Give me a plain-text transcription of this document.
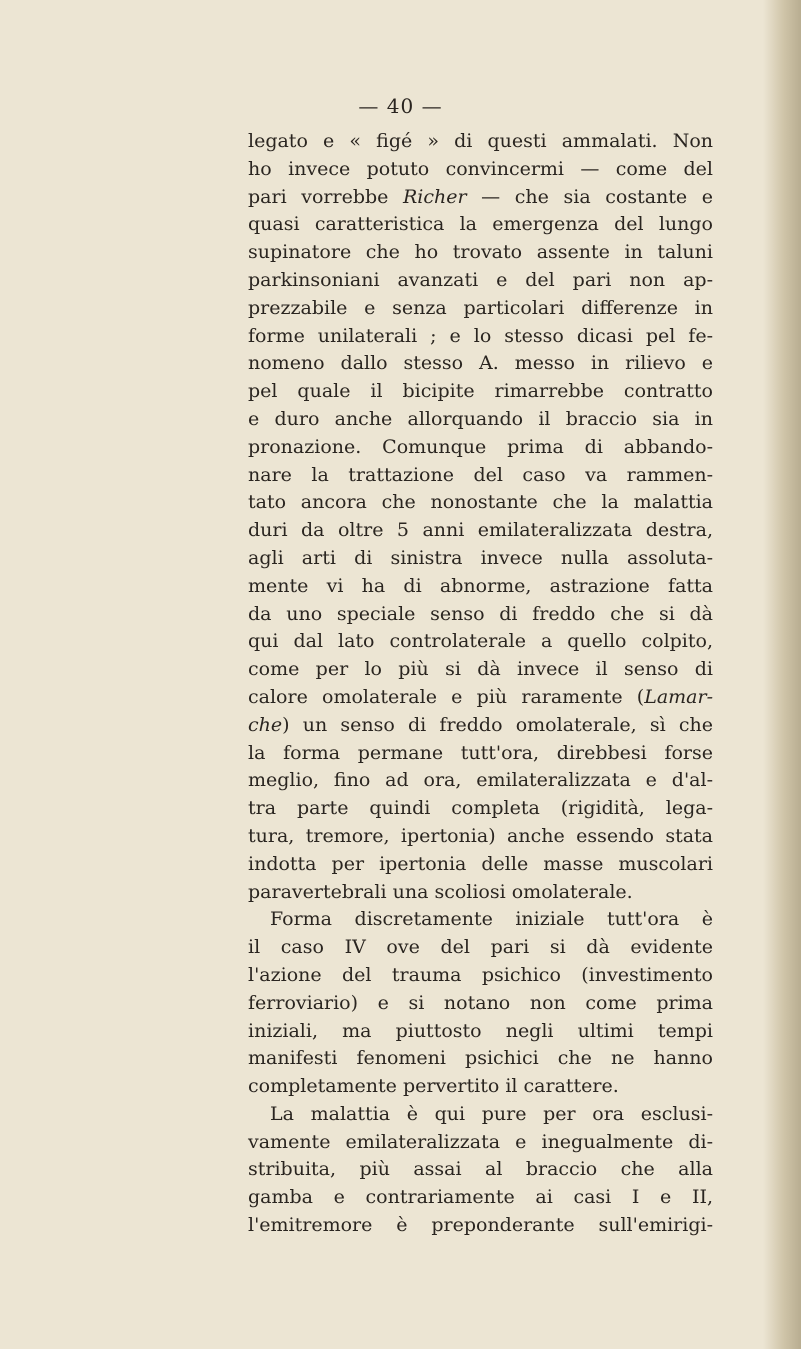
— 40 —
legato e « figé » di questi ammalati. Non
ho invece potuto convincermi — come del
pari vorrebbe Richer — che sia costante e
quasi caratteristica la emergenza del lungo
supinatore che ho trovato assente in taluni
parkinsoniani avanzati e del pari non ap-
prezzabile e senza particolari differenze in
forme unilaterali ; e lo stesso dicasi pel fe-
nomeno dallo stesso A. messo in rilievo e
pel quale il bicipite rimarrebbe contratto
e duro anche allorquando il braccio sia in
pronazione. Comunque prima di abbando-
nare la trattazione del caso va rammen-
tato ancora che nonostante che la malattia
duri da oltre 5 anni emilateralizzata destra,
agli arti di sinistra invece nulla assoluta-
mente vi ha di abnorme, astrazione fatta
da uno speciale senso di freddo che si dà
qui dal lato controlaterale a quello colpito,
come per lo più si dà invece il senso di
calore omolaterale e più raramente (Lamar-
che) un senso di freddo omolaterale, sì che
la forma permane tutt'ora, direbbesi forse
meglio, fino ad ora, emilateralizzata e d'al-
tra parte quindi completa (rigidità, lega-
tura, tremore, ipertonia) anche essendo stata
indotta per ipertonia delle masse muscolari
paravertebrali una scoliosi omolaterale.
Forma discretamente iniziale tutt'ora è
il caso IV ove del pari si dà evidente
l'azione del trauma psichico (investimento
ferroviario) e si notano non come prima
iniziali, ma piuttosto negli ultimi tempi
manifesti fenomeni psichici che ne hanno
completamente pervertito il carattere.
La malattia è qui pure per ora esclusi-
vamente emilateralizzata e inegualmente di-
stribuita, più assai al braccio che alla
gamba e contrariamente ai casi I e II,
l'emitremore è preponderante sull'emirigi-
